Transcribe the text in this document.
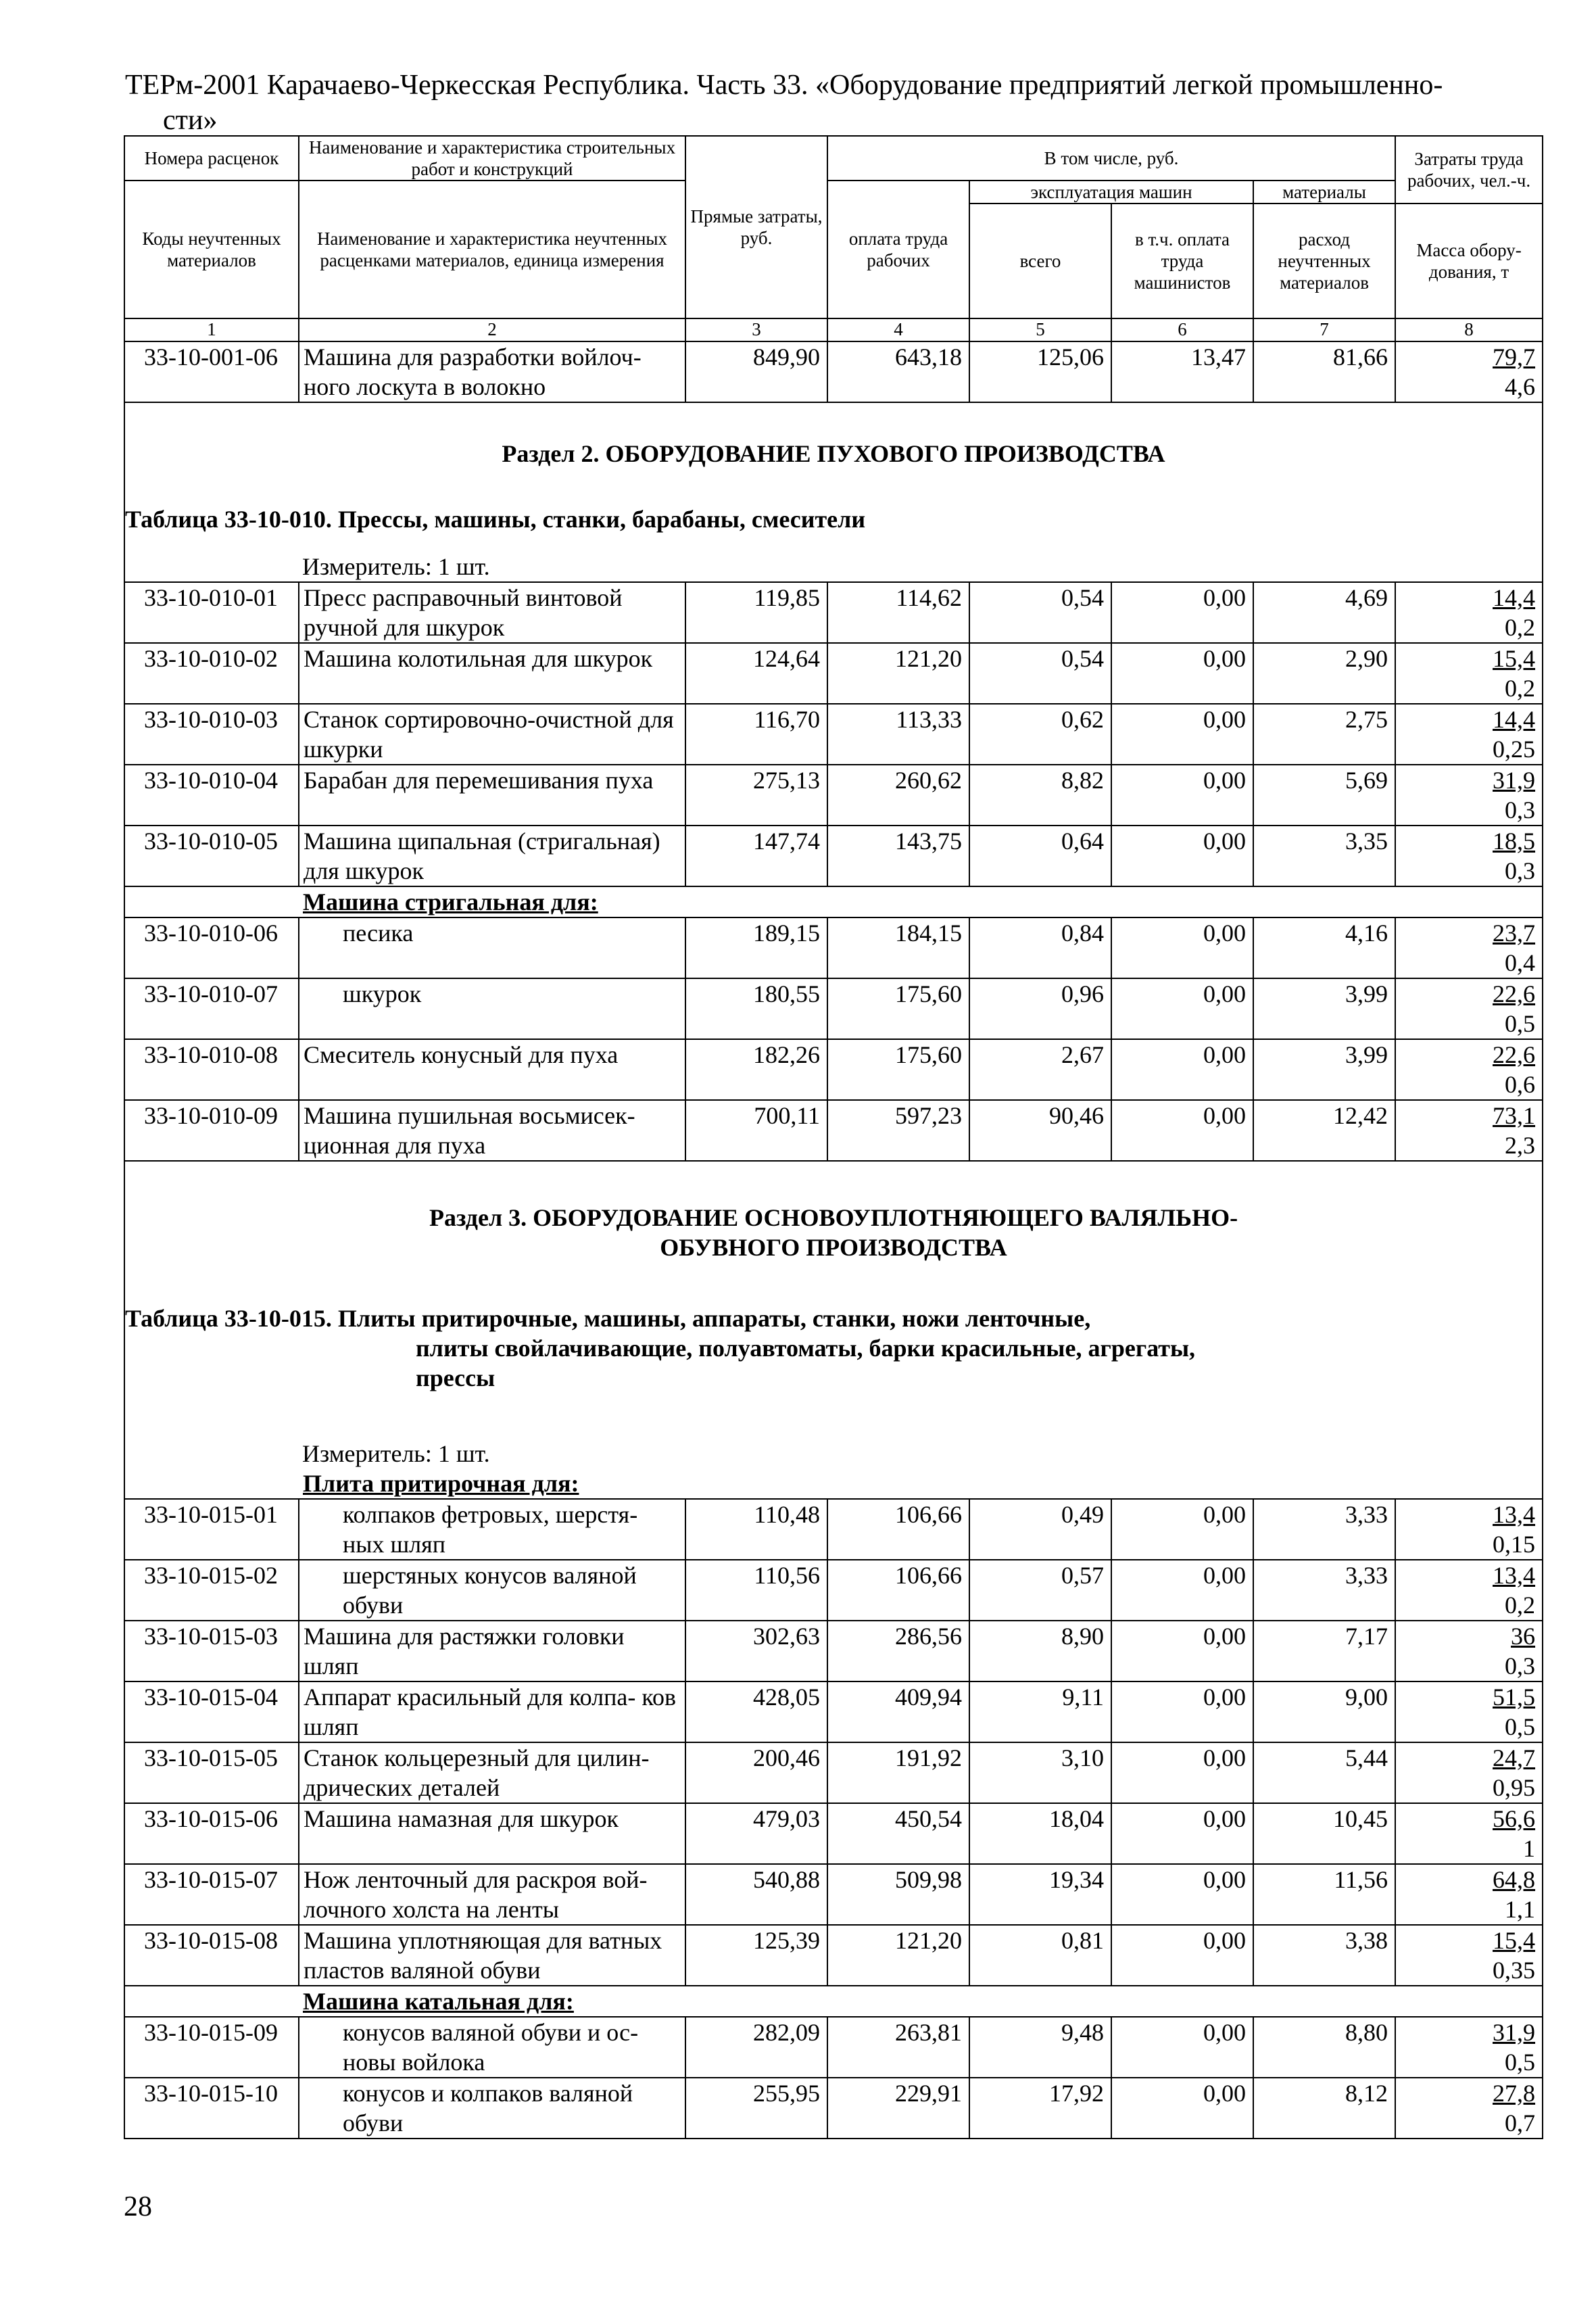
ТЕРм-2001 Карачаево-Черкесская Республика. Часть 33. «Оборудование предприятий легкой промышленно-
сти»
Номера расценок	Наименование и характеристика строительных работ и конструкций	Прямые затраты, руб.	В том числе, руб.				Затраты труда рабочих, чел.-ч.
Коды неучтенных материалов	Наименование и характеристика неучтенных расценками материалов, единица измерения		оплата труда рабочих	эксплуатация машин		материалы	
				всего	в т.ч. оплата труда машинистов	расход неучтенных материалов	Масса обору- дования, т
1	2	3	4	5	6	7	8
33-10-001-06	Машина для разработки войлоч- ного лоскута в волокно	849,90	643,18	125,06	13,47	81,66	79,7
4,6

Раздел 2. ОБОРУДОВАНИЕ ПУХОВОГО ПРОИЗВОДСТВА							
Таблица 33-10-010. Прессы, машины, станки, барабаны, смесители							
Измеритель: 1 шт.							
33-10-010-01	Пресс расправочный винтовой ручной для шкурок	119,85	114,62	0,54	0,00	4,69	14,4
0,2

33-10-010-02	Машина колотильная для шкурок	124,64	121,20	0,54	0,00	2,90	15,4
0,2

33-10-010-03	Станок сортировочно-очистной для шкурки	116,70	113,33	0,62	0,00	2,75	14,4
0,25

33-10-010-04	Барабан для перемешивания пуха	275,13	260,62	8,82	0,00	5,69	31,9
0,3

33-10-010-05	Машина щипальная (стригальная) для шкурок	147,74	143,75	0,64	0,00	3,35	18,5
0,3

	Машина стригальная для:						
33-10-010-06	песика	189,15	184,15	0,84	0,00	4,16	23,7
0,4

33-10-010-07	шкурок	180,55	175,60	0,96	0,00	3,99	22,6
0,5

33-10-010-08	Смеситель конусный для пуха	182,26	175,60	2,67	0,00	3,99	22,6
0,6

33-10-010-09	Машина пушильная восьмисек- ционная для пуха	700,11	597,23	90,46	0,00	12,42	73,1
2,3

Раздел 3. ОБОРУДОВАНИЕ ОСНОВОУПЛОТНЯЮЩЕГО ВАЛЯЛЬНО-
ОБУВНОГО ПРОИЗВОДСТВА							

Таблица 33-10-015. Плиты притирочные, машины, аппараты, станки, ножи ленточные,
плиты свойлачивающие, полуавтоматы, барки красильные, агрегаты,
прессы							

Измеритель: 1 шт.							
	Плита притирочная для:						
33-10-015-01	колпаков фетровых, шерстя- ных шляп	110,48	106,66	0,49	0,00	3,33	13,4
0,15

33-10-015-02	шерстяных конусов валяной обуви	110,56	106,66	0,57	0,00	3,33	13,4
0,2

33-10-015-03	Машина для растяжки головки шляп	302,63	286,56	8,90	0,00	7,17	36
0,3

33-10-015-04	Аппарат красильный для колпа- ков шляп	428,05	409,94	9,11	0,00	9,00	51,5
0,5

33-10-015-05	Станок кольцерезный для цилин- дрических деталей	200,46	191,92	3,10	0,00	5,44	24,7
0,95

33-10-015-06	Машина намазная для шкурок	479,03	450,54	18,04	0,00	10,45	56,6
1

33-10-015-07	Нож ленточный для раскроя вой- лочного холста на ленты	540,88	509,98	19,34	0,00	11,56	64,8
1,1

33-10-015-08	Машина уплотняющая для ватных пластов валяной обуви	125,39	121,20	0,81	0,00	3,38	15,4
0,35

	Машина катальная для:						
33-10-015-09	конусов валяной обуви и ос- новы войлока	282,09	263,81	9,48	0,00	8,80	31,9
0,5

33-10-015-10	конусов и колпаков валяной обуви	255,95	229,91	17,92	0,00	8,12	27,8
0,7
28
